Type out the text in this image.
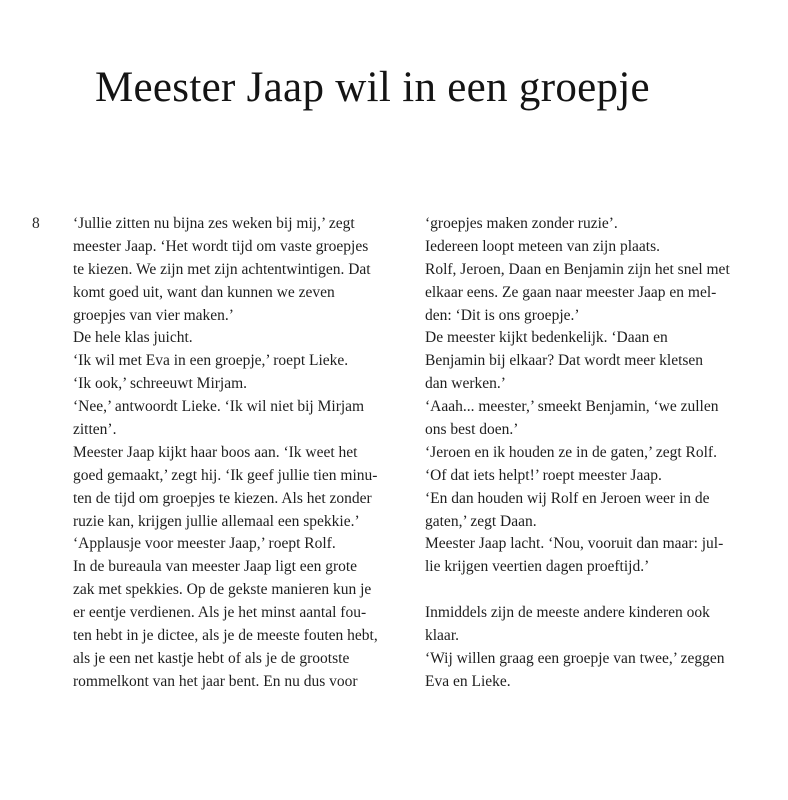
Meester Jaap wil in een groepje
8 ‘Jullie zitten nu bijna zes weken bij mij,’ zegt
meester Jaap. ‘Het wordt tijd om vaste groepjes
te kiezen. We zijn met zijn achtentwintigen. Dat
komt goed uit, want dan kunnen we zeven
groepjes van vier maken.’
De hele klas juicht.
‘Ik wil met Eva in een groepje,’ roept Lieke.
‘Ik ook,’ schreeuwt Mirjam.
‘Nee,’ antwoordt Lieke. ‘Ik wil niet bij Mirjam
zitten’.
Meester Jaap kijkt haar boos aan. ‘Ik weet het
goed gemaakt,’ zegt hij. ‘Ik geef jullie tien minu-
ten de tijd om groepjes te kiezen. Als het zonder
ruzie kan, krijgen jullie allemaal een spekkie.’
‘Applausje voor meester Jaap,’ roept Rolf.
In de bureaula van meester Jaap ligt een grote
zak met spekkies. Op de gekste manieren kun je
er eentje verdienen. Als je het minst aantal fou-
ten hebt in je dictee, als je de meeste fouten hebt,
als je een net kastje hebt of als je de grootste
rommelkont van het jaar bent. En nu dus voor
‘groepjes maken zonder ruzie’.
Iedereen loopt meteen van zijn plaats.
Rolf, Jeroen, Daan en Benjamin zijn het snel met
elkaar eens. Ze gaan naar meester Jaap en mel-
den: ‘Dit is ons groepje.’
De meester kijkt bedenkelijk. ‘Daan en
Benjamin bij elkaar? Dat wordt meer kletsen
dan werken.’
‘Aaah... meester,’ smeekt Benjamin, ‘we zullen
ons best doen.’
‘Jeroen en ik houden ze in de gaten,’ zegt Rolf.
‘Of dat iets helpt!’ roept meester Jaap.
‘En dan houden wij Rolf en Jeroen weer in de
gaten,’ zegt Daan.
Meester Jaap lacht. ‘Nou, vooruit dan maar: jul-
lie krijgen veertien dagen proeftijd.’
Inmiddels zijn de meeste andere kinderen ook
klaar.
‘Wij willen graag een groepje van twee,’ zeggen
Eva en Lieke.
